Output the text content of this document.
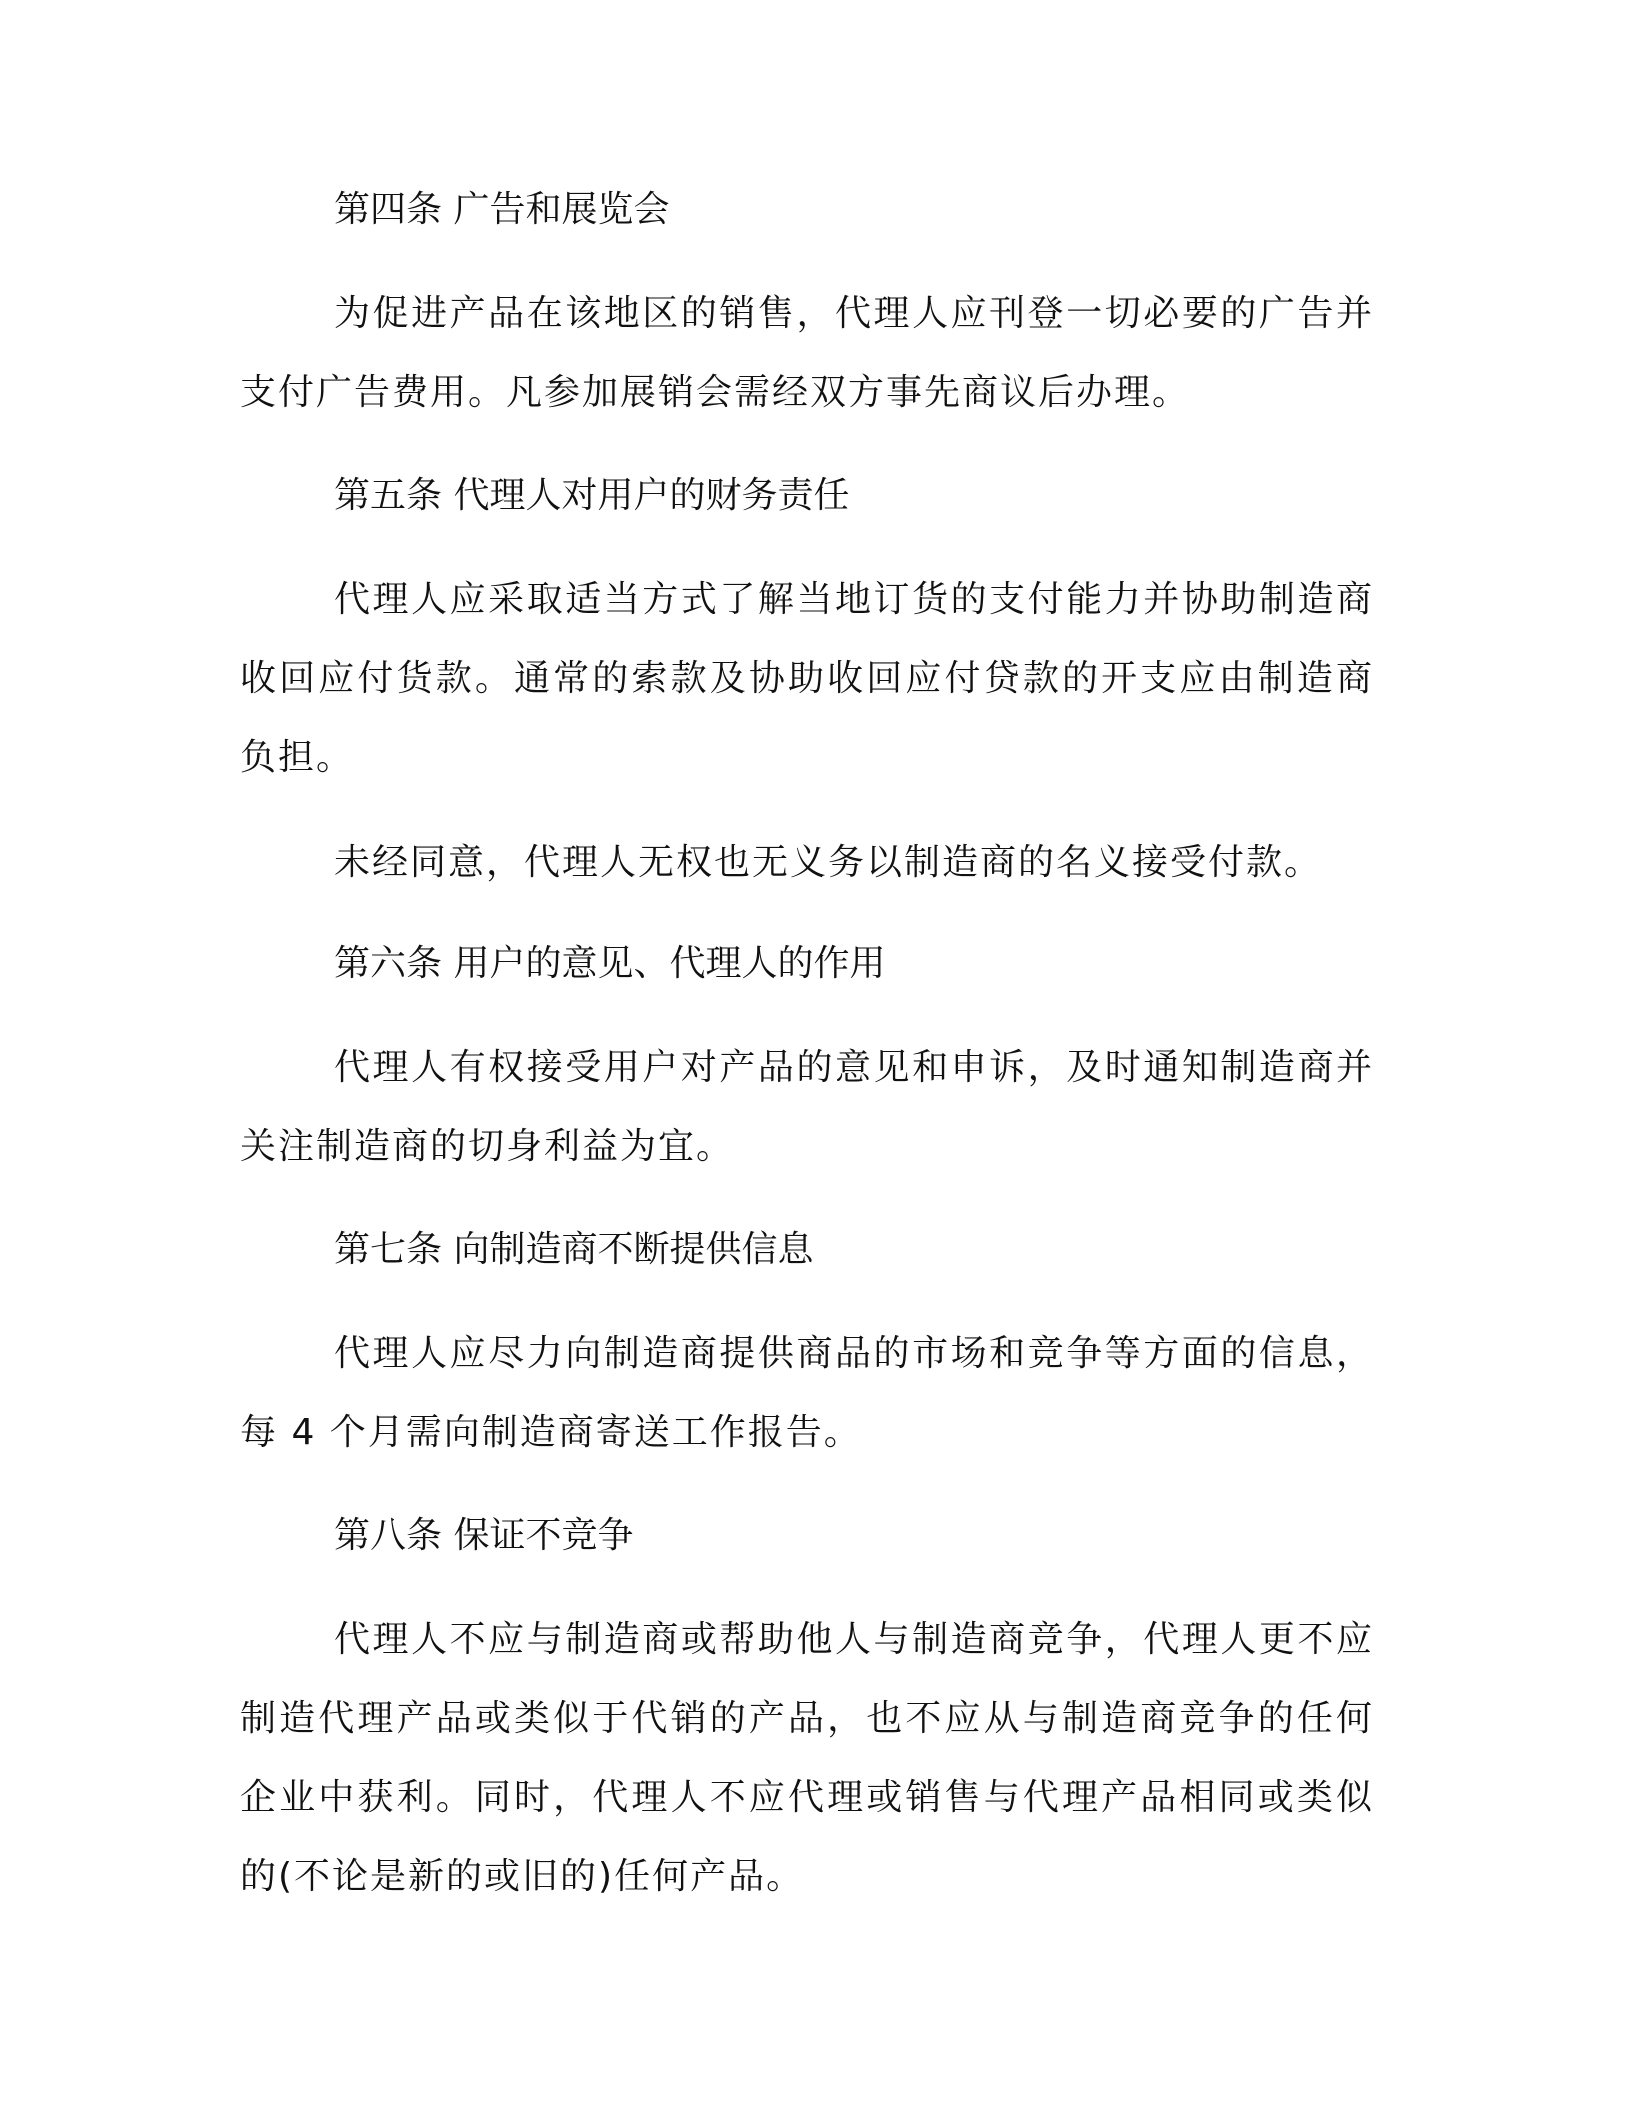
第四条 广告和展览会
为促进产品在该地区的销售，代理人应刊登一切必要的广告并支付广告费用。凡参加展销会需经双方事先商议后办理。
第五条 代理人对用户的财务责任
代理人应采取适当方式了解当地订货的支付能力并协助制造商收回应付货款。通常的索款及协助收回应付贷款的开支应由制造商负担。
未经同意，代理人无权也无义务以制造商的名义接受付款。
第六条 用户的意见、代理人的作用
代理人有权接受用户对产品的意见和申诉，及时通知制造商并关注制造商的切身利益为宜。
第七条 向制造商不断提供信息
代理人应尽力向制造商提供商品的市场和竞争等方面的信息，每 4 个月需向制造商寄送工作报告。
第八条 保证不竞争
代理人不应与制造商或帮助他人与制造商竞争，代理人更不应制造代理产品或类似于代销的产品，也不应从与制造商竞争的任何企业中获利。同时，代理人不应代理或销售与代理产品相同或类似的(不论是新的或旧的)任何产品。
